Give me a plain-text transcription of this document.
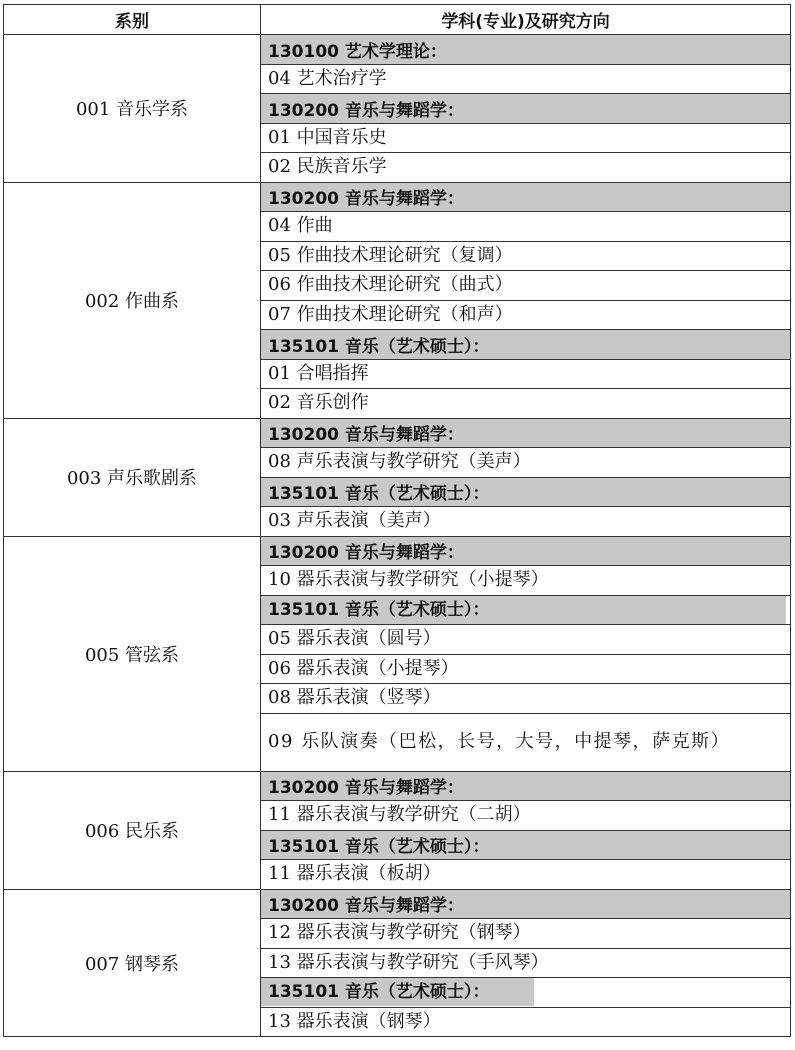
系别	学科(专业)及研究方向
001 音乐学系	130100 艺术学理论：
	04 艺术治疗学
	130200 音乐与舞蹈学：
	01 中国音乐史
	02 民族音乐学
002 作曲系	130200 音乐与舞蹈学：
	04 作曲
	05 作曲技术理论研究（复调）
	06 作曲技术理论研究（曲式）
	07 作曲技术理论研究（和声）
	135101 音乐（艺术硕士）：
	01 合唱指挥
	02 音乐创作
003 声乐歌剧系	130200 音乐与舞蹈学：
	08 声乐表演与教学研究（美声）
	135101 音乐（艺术硕士）：
	03 声乐表演（美声）
005 管弦系	130200 音乐与舞蹈学：
	10 器乐表演与教学研究（小提琴）
	135101 音乐（艺术硕士）：
	05 器乐表演（圆号）
	06 器乐表演（小提琴）
	08 器乐表演（竖琴）
	09 乐队演奏（巴松，长号，大号，中提琴，萨克斯）
006 民乐系	130200 音乐与舞蹈学：
	11 器乐表演与教学研究（二胡）
	135101 音乐（艺术硕士）：
	11 器乐表演（板胡）
007 钢琴系	130200 音乐与舞蹈学：
	12 器乐表演与教学研究（钢琴）
	13 器乐表演与教学研究（手风琴）
	135101 音乐（艺术硕士）：
	13 器乐表演（钢琴）
